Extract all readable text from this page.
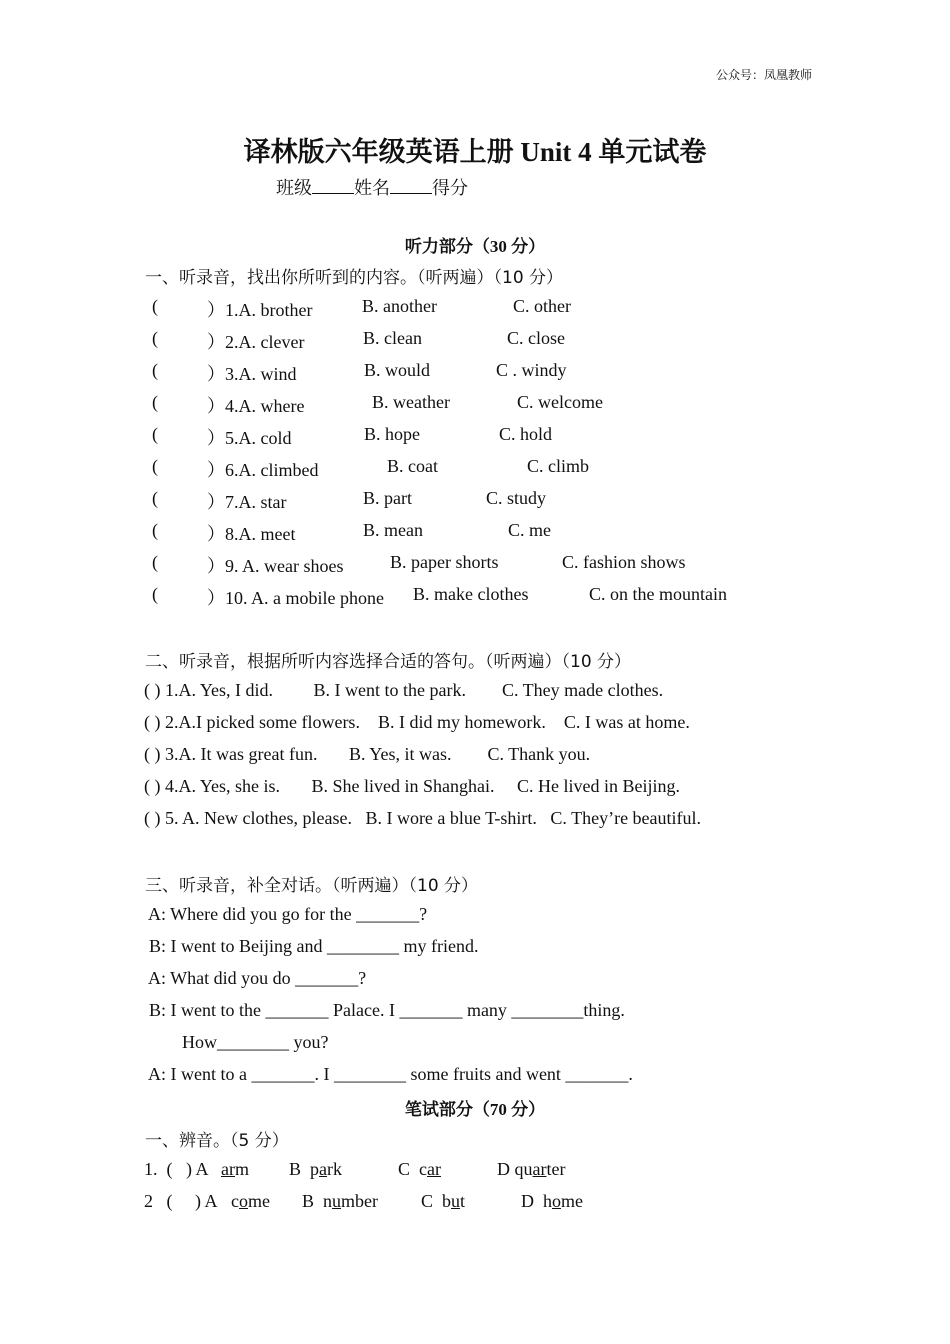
公众号：凤凰教师
译林版六年级英语上册 Unit 4 单元试卷
班级 姓名 得分
听力部分（30 分）
一、听录音，找出你所听到的内容。（听两遍）（10 分）
(	）1.A. brother	B. another	C. other
(	）2.A. clever	B. clean	C. close
(	）3.A. wind	B. would	C . windy
(	）4.A. where	B. weather	C. welcome
(	）5.A. cold	B. hope	C. hold
(	）6.A. climbed	B. coat	C. climb
(	）7.A. star	B. part	C. study
(	）8.A. meet	B. mean	C. me
(	）9. A. wear shoes	B. paper shorts	C. fashion shows
(	）10. A. a mobile phone B. make clothes	C. on the mountain
二、听录音，根据所听内容选择合适的答句。（听两遍）（10 分）
( ) 1.A. Yes, I did.         B. I went to the park.        C. They made clothes.
( ) 2.A.I picked some flowers.    B. I did my homework.    C. I was at home.
( ) 3.A. It was great fun.       B. Yes, it was.        C. Thank you.
( ) 4.A. Yes, she is.       B. She lived in Shanghai.     C. He lived in Beijing.
( ) 5. A. New clothes, please.   B. I wore a blue T-shirt.   C. They’re beautiful.
三、听录音，补全对话。（听两遍）（10 分）
A: Where did you go for the _______?
B: I went to Beijing and ________ my friend.
A: What did you do _______?
B: I went to the _______ Palace. I _______ many ________thing.
How________ you?
A: I went to a _______. I ________ some fruits and went _______.
笔试部分（70 分）
一、辨音。（5 分）
1.  (   ) A arm B park	C car	D quarter
2   (     ) A come B number C but	D home
